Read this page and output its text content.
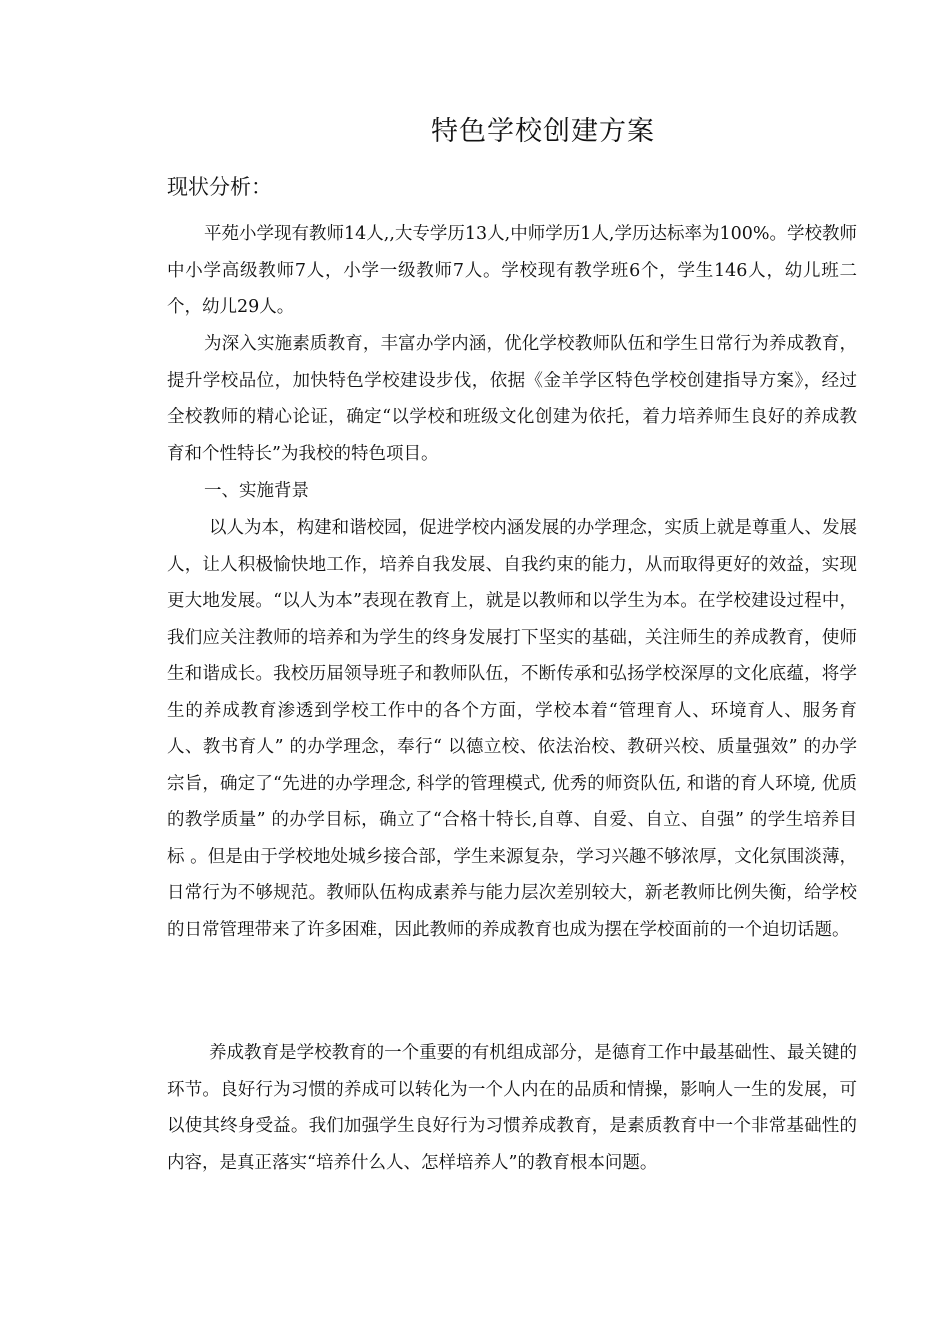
特色学校创建方案
现状分析：

平苑小学现有教师14人,,大专学历13人,中师学历1人,学历达标率为100%。学校教师中小学高级教师7人，小学一级教师7人。学校现有教学班6个，学生146人，幼儿班二个，幼儿29人。

为深入实施素质教育，丰富办学内涵，优化学校教师队伍和学生日常行为养成教育，提升学校品位，加快特色学校建设步伐，依据《金羊学区特色学校创建指导方案》，经过全校教师的精心论证，确定“以学校和班级文化创建为依托，着力培养师生良好的养成教育和个性特长”为我校的特色项目。

一、实施背景

以人为本，构建和谐校园，促进学校内涵发展的办学理念，实质上就是尊重人、发展人，让人积极愉快地工作，培养自我发展、自我约束的能力，从而取得更好的效益，实现更大地发展。“以人为本”表现在教育上，就是以教师和以学生为本。在学校建设过程中，我们应关注教师的培养和为学生的终身发展打下坚实的基础，关注师生的养成教育，使师生和谐成长。我校历届领导班子和教师队伍，不断传承和弘扬学校深厚的文化底蕴，将学生的养成教育渗透到学校工作中的各个方面，学校本着“管理育人、环境育人、服务育人、教书育人” 的办学理念，奉行“ 以德立校、依法治校、教研兴校、质量强效” 的办学宗旨，确定了“先进的办学理念, 科学的管理模式, 优秀的师资队伍, 和谐的育人环境, 优质的教学质量” 的办学目标，确立了“合格十特长,自尊、自爱、自立、自强” 的学生培养目标 。但是由于学校地处城乡接合部，学生来源复杂，学习兴趣不够浓厚，文化氛围淡薄，日常行为不够规范。教师队伍构成素养与能力层次差别较大，新老教师比例失衡，给学校的日常管理带来了许多困难，因此教师的养成教育也成为摆在学校面前的一个迫切话题。

养成教育是学校教育的一个重要的有机组成部分，是德育工作中最基础性、最关键的环节。良好行为习惯的养成可以转化为一个人内在的品质和情操，影响人一生的发展，可以使其终身受益。我们加强学生良好行为习惯养成教育，是素质教育中一个非常基础性的内容，是真正落实“培养什么人、怎样培养人”的教育根本问题。
